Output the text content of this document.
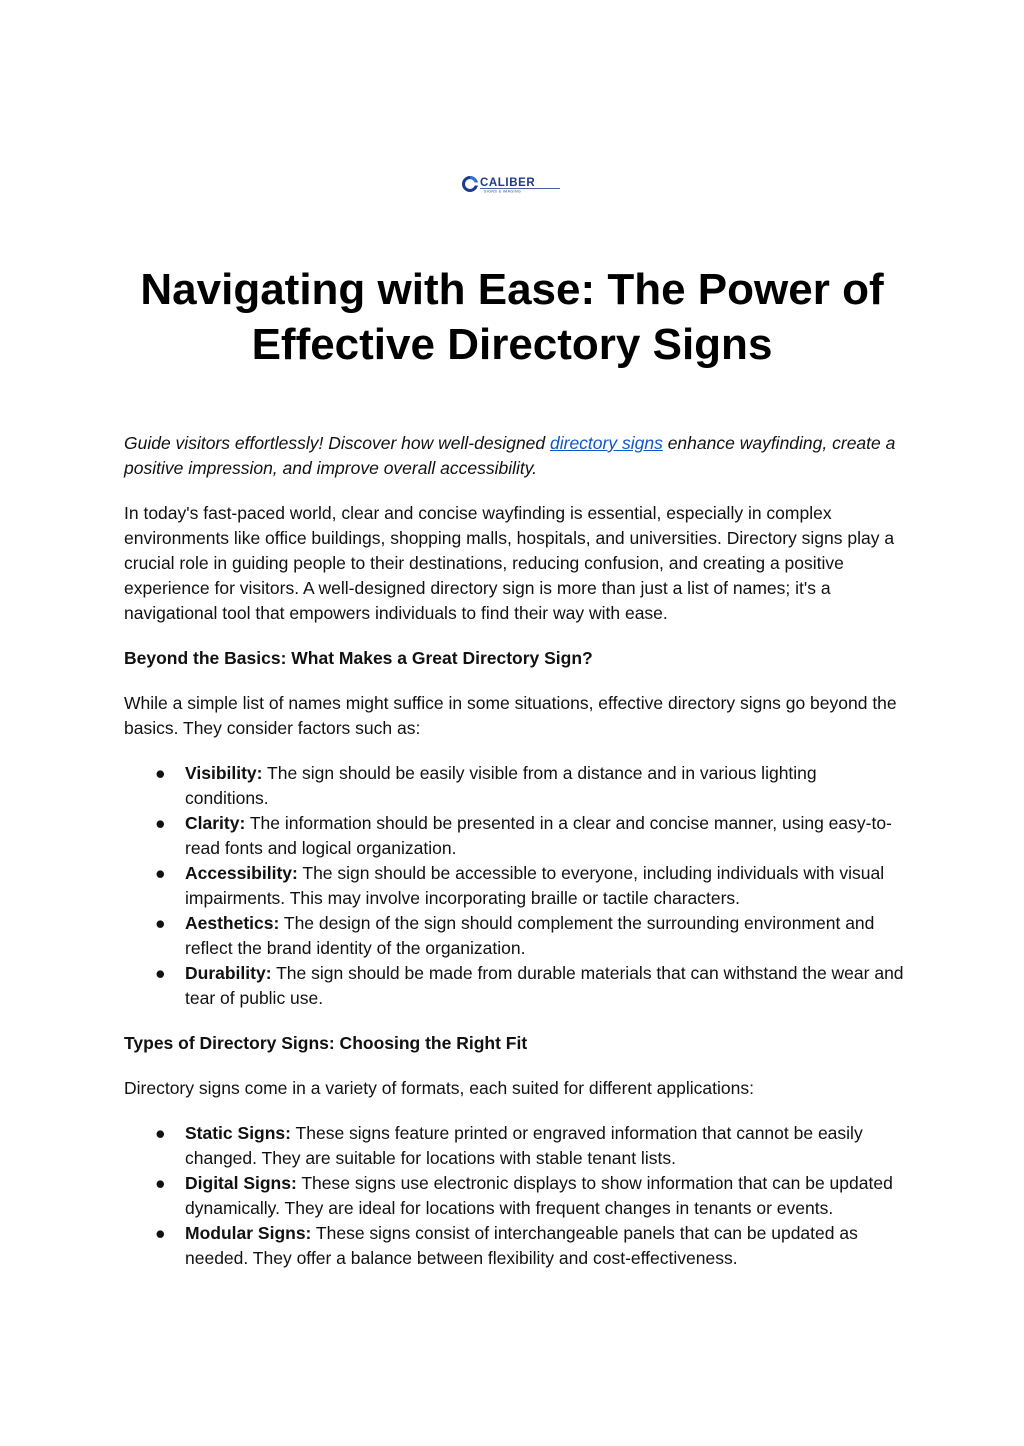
CALIBER
SIGNS & IMAGING
Navigating with Ease: The Power of Effective Directory Signs

Guide visitors effortlessly! Discover how well-designed directory signs enhance wayfinding, create a positive impression, and improve overall accessibility.

In today's fast-paced world, clear and concise wayfinding is essential, especially in complex environments like office buildings, shopping malls, hospitals, and universities. Directory signs play a crucial role in guiding people to their destinations, reducing confusion, and creating a positive experience for visitors. A well-designed directory sign is more than just a list of names; it's a navigational tool that empowers individuals to find their way with ease.

Beyond the Basics: What Makes a Great Directory Sign?

While a simple list of names might suffice in some situations, effective directory signs go beyond the basics. They consider factors such as:

● Visibility: The sign should be easily visible from a distance and in various lighting conditions.
● Clarity: The information should be presented in a clear and concise manner, using easy-to-read fonts and logical organization.
● Accessibility: The sign should be accessible to everyone, including individuals with visual impairments. This may involve incorporating braille or tactile characters.
● Aesthetics: The design of the sign should complement the surrounding environment and reflect the brand identity of the organization.
● Durability: The sign should be made from durable materials that can withstand the wear and tear of public use.

Types of Directory Signs: Choosing the Right Fit

Directory signs come in a variety of formats, each suited for different applications:

● Static Signs: These signs feature printed or engraved information that cannot be easily changed. They are suitable for locations with stable tenant lists.
● Digital Signs: These signs use electronic displays to show information that can be updated dynamically. They are ideal for locations with frequent changes in tenants or events.
● Modular Signs: These signs consist of interchangeable panels that can be updated as needed. They offer a balance between flexibility and cost-effectiveness.
